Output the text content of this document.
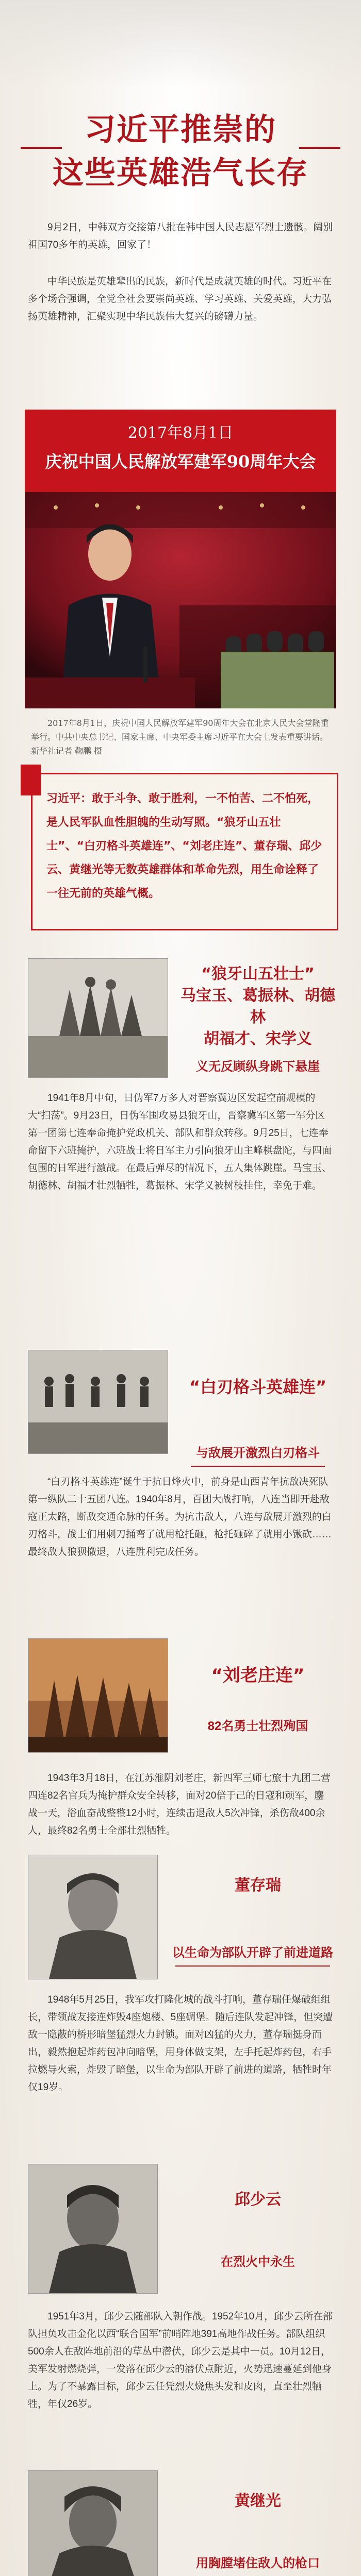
习近平推崇的
这些英雄浩气长存
9月2日，中韩双方交接第八批在韩中国人民志愿军烈士遗骸。阔别祖国70多年的英雄，回家了！
中华民族是英雄辈出的民族，新时代是成就英雄的时代。习近平在多个场合强调，全党全社会要崇尚英雄、学习英雄、关爱英雄，大力弘扬英雄精神，汇聚实现中华民族伟大复兴的磅礴力量。
2017年8月1日
庆祝中国人民解放军建军90周年大会
2017年8月1日，庆祝中国人民解放军建军90周年大会在北京人民大会堂隆重举行。中共中央总书记、国家主席、中央军委主席习近平在大会上发表重要讲话。新华社记者 鞠鹏 摄
习近平：敢于斗争、敢于胜利，一不怕苦、二不怕死，是人民军队血性胆魄的生动写照。“狼牙山五壮士”、“白刃格斗英雄连”、“刘老庄连”、董存瑞、邱少云、黄继光等无数英雄群体和革命先烈，用生命诠释了一往无前的英雄气概。
“狼牙山五壮士”
马宝玉、葛振林、胡德林
胡福才、宋学义
义无反顾纵身跳下悬崖
1941年8月中旬，日伪军7万多人对晋察冀边区发起空前规模的大“扫荡”。9月23日，日伪军围攻易县狼牙山，晋察冀军区第一军分区第一团第七连奉命掩护党政机关、部队和群众转移。9月25日，七连奉命留下六班掩护，六班战士将日军主力引向狼牙山主峰棋盘陀，与四面包围的日军进行激战。在最后弹尽的情况下，五人集体跳崖。马宝玉、胡德林、胡福才壮烈牺牲，葛振林、宋学义被树枝挂住，幸免于难。
“白刃格斗英雄连”
与敌展开激烈白刃格斗
“白刃格斗英雄连”诞生于抗日烽火中，前身是山西青年抗敌决死队第一纵队二十五团八连。1940年8月，百团大战打响，八连当即开赴敌寇正太路，断敌交通命脉的任务。为抗击敌人，八连与敌展开激烈的白刃格斗，战士们用刺刀捅弯了就用枪托砸，枪托砸碎了就用小锹砍……最终敌人狼狈撤退，八连胜利完成任务。
“刘老庄连”
82名勇士壮烈殉国
1943年3月18日，在江苏淮阴刘老庄，新四军三师七旅十九团二营四连82名官兵为掩护群众安全转移，面对20倍于己的日寇和顽军，鏖战一天，浴血奋战整整12小时，连续击退敌人5次冲锋，杀伤敌400余人，最终82名勇士全部壮烈牺牲。
董存瑞
以生命为部队开辟了前进道路
1948年5月25日，我军攻打隆化城的战斗打响，董存瑞任爆破组组长，带领战友接连炸毁4座炮楼、5座碉堡。随后连队发起冲锋，但突遭敌一隐蔽的桥形暗堡猛烈火力封锁。面对凶猛的火力，董存瑞挺身而出，毅然抱起炸药包冲向暗堡，用身体做支架，左手托起炸药包，右手拉燃导火索，炸毁了暗堡，以生命为部队开辟了前进的道路，牺牲时年仅19岁。
邱少云
在烈火中永生
1951年3月，邱少云随部队入朝作战。1952年10月，邱少云所在部队担负攻击金化以西“联合国军”前哨阵地391高地作战任务。部队组织500余人在敌阵地前沿的草丛中潜伏，邱少云是其中一员。10月12日，美军发射燃烧弹，一发落在邱少云的潜伏点附近，火势迅速蔓延到他身上。为了不暴露目标，邱少云任凭烈火烧焦头发和皮肉，直至壮烈牺牲，年仅26岁。
黄继光
用胸膛堵住敌人的枪口
